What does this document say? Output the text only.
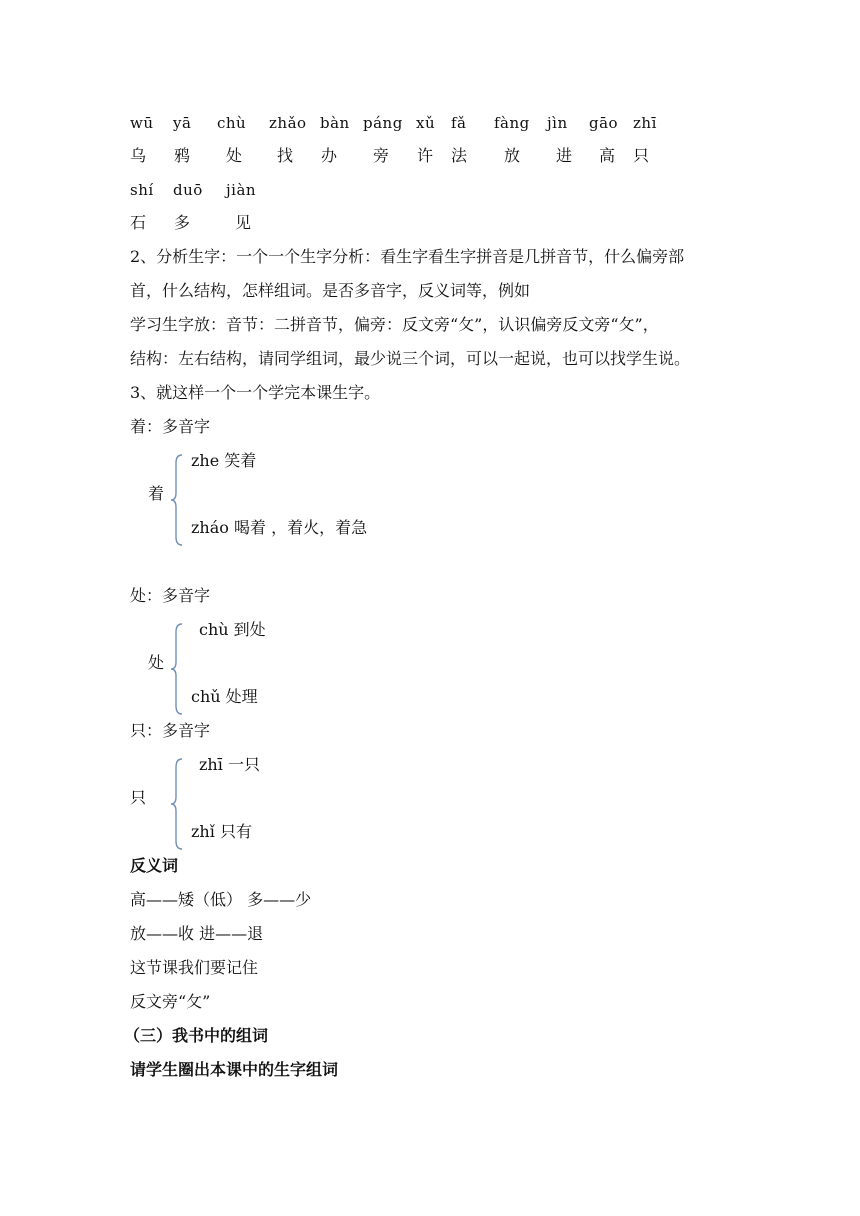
wū yā chù zhǎo bàn páng xǔ fǎ fàng jìn gāo zhī
乌 鸦 处 找 办 旁 许 法 放 进 高 只
shí duō jiàn
石 多	见
2、分析生字：一个一个生字分析：看生字看生字拼音是几拼音节，什么偏旁部
首，什么结构，怎样组词。是否多音字，反义词等，例如
学习生字放：音节：二拼音节，偏旁：反文旁“攵”，认识偏旁反文旁“攵”，
结构：左右结构，请同学组词，最少说三个词，可以一起说，也可以找学生说。
3、就这样一个一个学完本课生字。
着：多音字
着
zhe 笑着
zháo 喝着 ，着火，着急
处：多音字
处
chù 到处
chǔ 处理
只：多音字
只
zhī 一只
zhǐ 只有
反义词
高——矮（低） 多——少
放——收 进——退
这节课我们要记住
反文旁“攵”
（三）我书中的组词
请学生圈出本课中的生字组词
